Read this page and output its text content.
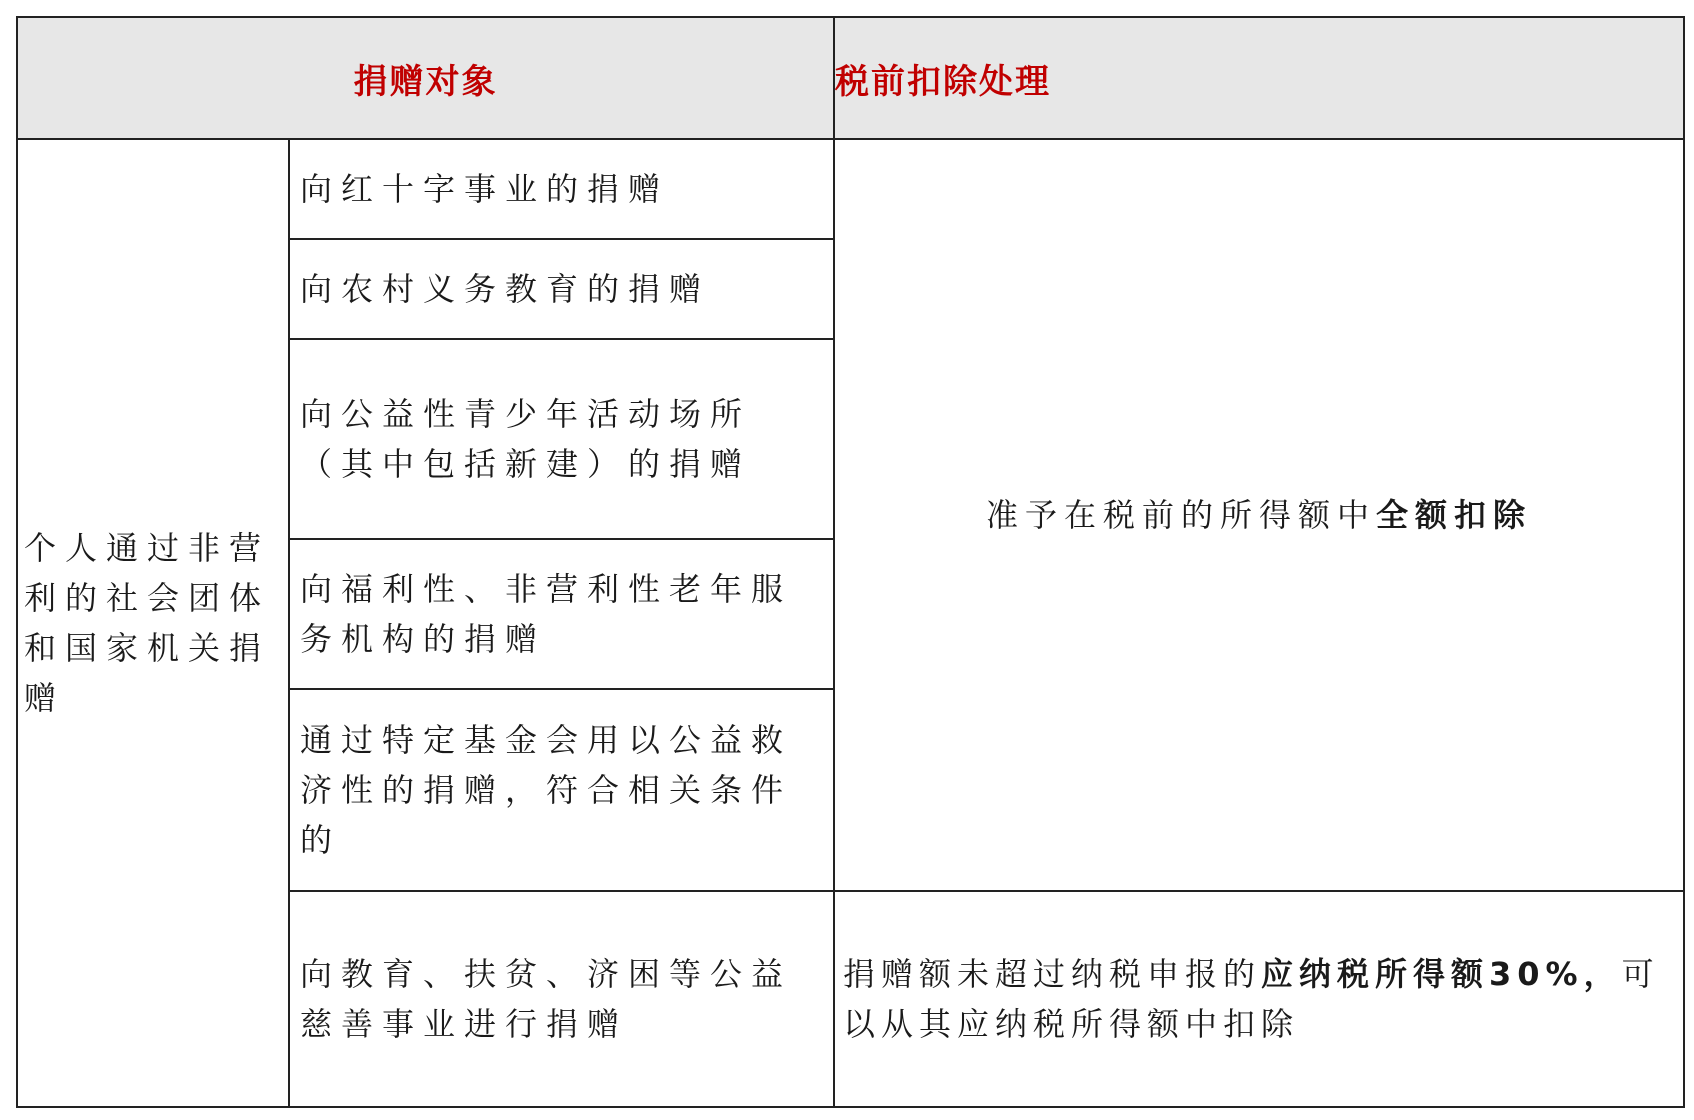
捐赠对象		税前扣除处理

个人通过非营利的社会团体和国家机关捐赠	向红十字事业的捐赠	准予在税前的所得额中全额扣除

	向农村义务教育的捐赠	

	向公益性青少年活动场所（其中包括新建）的捐赠	

	向福利性、非营利性老年服务机构的捐赠	

	通过特定基金会用以公益救济性的捐赠，符合相关条件的	

	向教育、扶贫、济困等公益慈善事业进行捐赠	捐赠额未超过纳税申报的应纳税所得额30%，可以从其应纳税所得额中扣除
